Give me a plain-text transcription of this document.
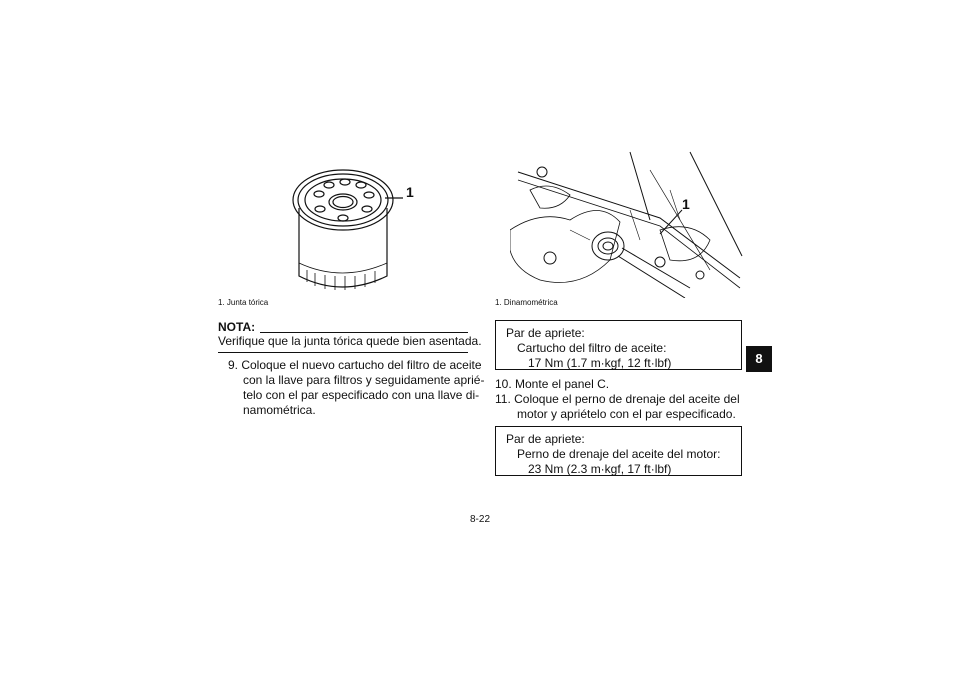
1
1. Junta tórica
NOTA:
Verifique que la junta tórica quede bien asentada.
9. Coloque el nuevo cartucho del filtro de aceite
con la llave para filtros y seguidamente aprié-
telo con el par especificado con una llave di-
namométrica.
1
1. Dinamométrica
Par de apriete:
Cartucho del filtro de aceite:
17 Nm (1.7 m·kgf, 12 ft·lbf)
10. Monte el panel C.
11. Coloque el perno de drenaje del aceite del
motor y apriételo con el par especificado.
Par de apriete:
Perno de drenaje del aceite del motor:
23 Nm (2.3 m·kgf, 17 ft·lbf)
8-22
8
